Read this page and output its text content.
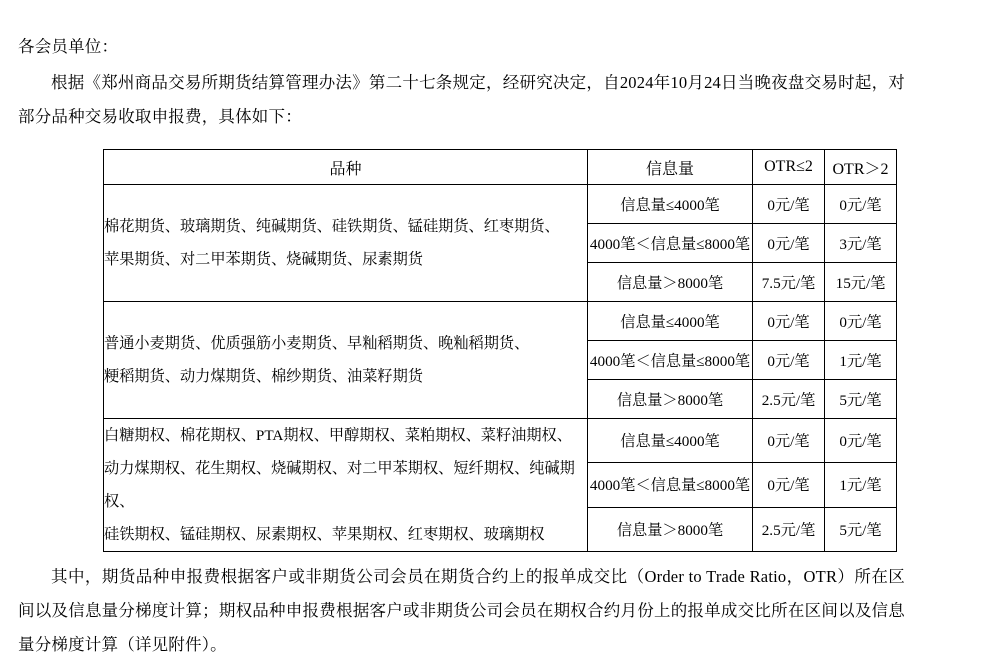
各会员单位：

根据《郑州商品交易所期货结算管理办法》第二十七条规定，经研究决定，自2024年10月24日当晚夜盘交易时起，对部分品种交易收取申报费，具体如下：

品种	信息量	OTR≤2	OTR＞2

棉花期货、玻璃期货、纯碱期货、硅铁期货、锰硅期货、红枣期货、
苹果期货、对二甲苯期货、烧碱期货、尿素期货	信息量≤4000笔	0元/笔	0元/笔
	4000笔＜信息量≤8000笔	0元/笔	3元/笔
	信息量＞8000笔	7.5元/笔	15元/笔

普通小麦期货、优质强筋小麦期货、早籼稻期货、晚籼稻期货、
粳稻期货、动力煤期货、棉纱期货、油菜籽期货	信息量≤4000笔	0元/笔	0元/笔
	4000笔＜信息量≤8000笔	0元/笔	1元/笔
	信息量＞8000笔	2.5元/笔	5元/笔

白糖期权、棉花期权、PTA期权、甲醇期权、菜粕期权、菜籽油期权、
动力煤期权、花生期权、烧碱期权、对二甲苯期权、短纤期权、纯碱期权、
硅铁期权、锰硅期权、尿素期权、苹果期权、红枣期权、玻璃期权	信息量≤4000笔	0元/笔	0元/笔
	4000笔＜信息量≤8000笔	0元/笔	1元/笔
	信息量＞8000笔	2.5元/笔	5元/笔

其中，期货品种申报费根据客户或非期货公司会员在期货合约上的报单成交比（Order to Trade Ratio，OTR）所在区间以及信息量分梯度计算；期权品种申报费根据客户或非期货公司会员在期权合约月份上的报单成交比所在区间以及信息量分梯度计算（详见附件）。
